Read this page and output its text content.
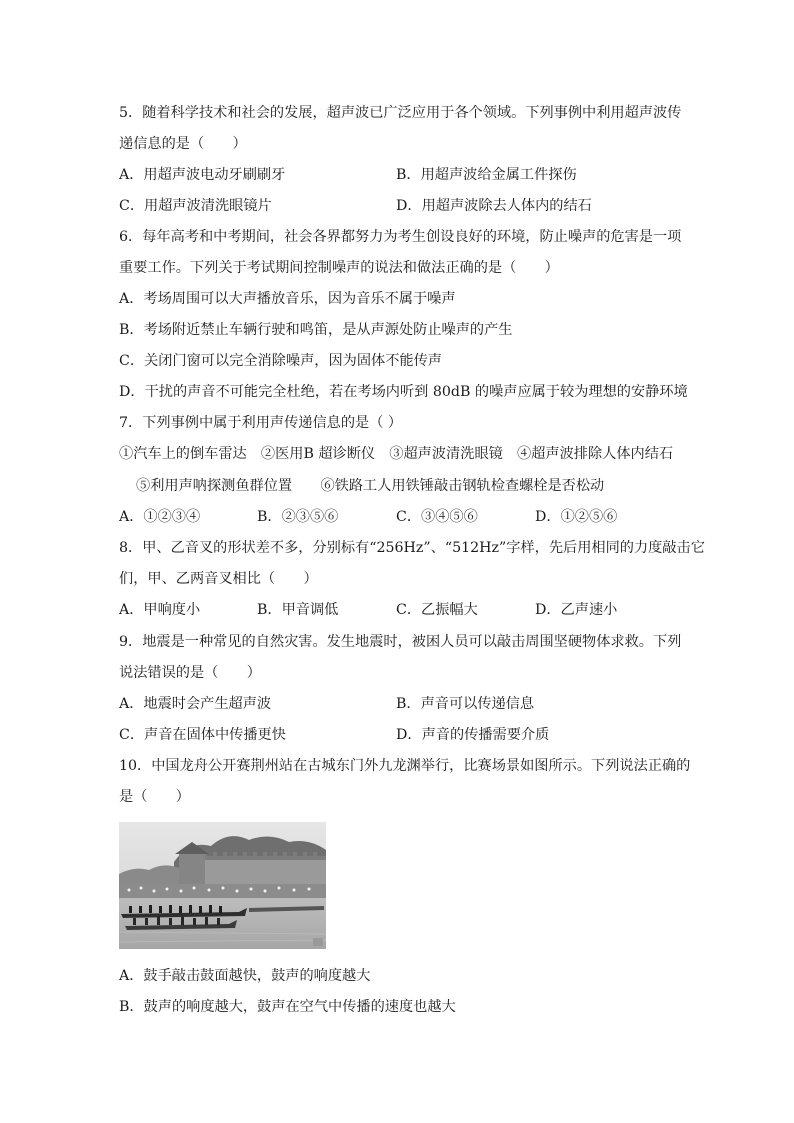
5．随着科学技术和社会的发展，超声波已广泛应用于各个领域。下列事例中利用超声波传
递信息的是（　　）
A．用超声波电动牙刷刷牙	B．用超声波给金属工件探伤
C．用超声波清洗眼镜片	D．用超声波除去人体内的结石
6．每年高考和中考期间，社会各界都努力为考生创设良好的环境，防止噪声的危害是一项
重要工作。下列关于考试期间控制噪声的说法和做法正确的是（　　）
A．考场周围可以大声播放音乐，因为音乐不属于噪声
B．考场附近禁止车辆行驶和鸣笛，是从声源处防止噪声的产生
C．关闭门窗可以完全消除噪声，因为固体不能传声
D．干扰的声音不可能完全杜绝，若在考场内听到 80dB 的噪声应属于较为理想的安静环境
7．下列事例中属于利用声传递信息的是（ ）
①汽车上的倒车雷达　②医用B 超诊断仪　③超声波清洗眼镜　④超声波排除人体内结石
⑤利用声呐探测鱼群位置　　⑥铁路工人用铁锤敲击钢轨检查螺栓是否松动
A．①②③④	B．②③⑤⑥	C．③④⑤⑥	D．①②⑤⑥
8．甲、乙音叉的形状差不多，分别标有“256Hz”、“512Hz”字样，先后用相同的力度敲击它
们，甲、乙两音叉相比（　　）
A．甲响度小	B．甲音调低	C．乙振幅大	D．乙声速小
9．地震是一种常见的自然灾害。发生地震时，被困人员可以敲击周围坚硬物体求救。下列
说法错误的是（　　）
A．地震时会产生超声波	B．声音可以传递信息
C．声音在固体中传播更快	D．声音的传播需要介质
10．中国龙舟公开赛荆州站在古城东门外九龙渊举行，比赛场景如图所示。下列说法正确的
是（　　）
A．鼓手敲击鼓面越快，鼓声的响度越大
B．鼓声的响度越大，鼓声在空气中传播的速度也越大
